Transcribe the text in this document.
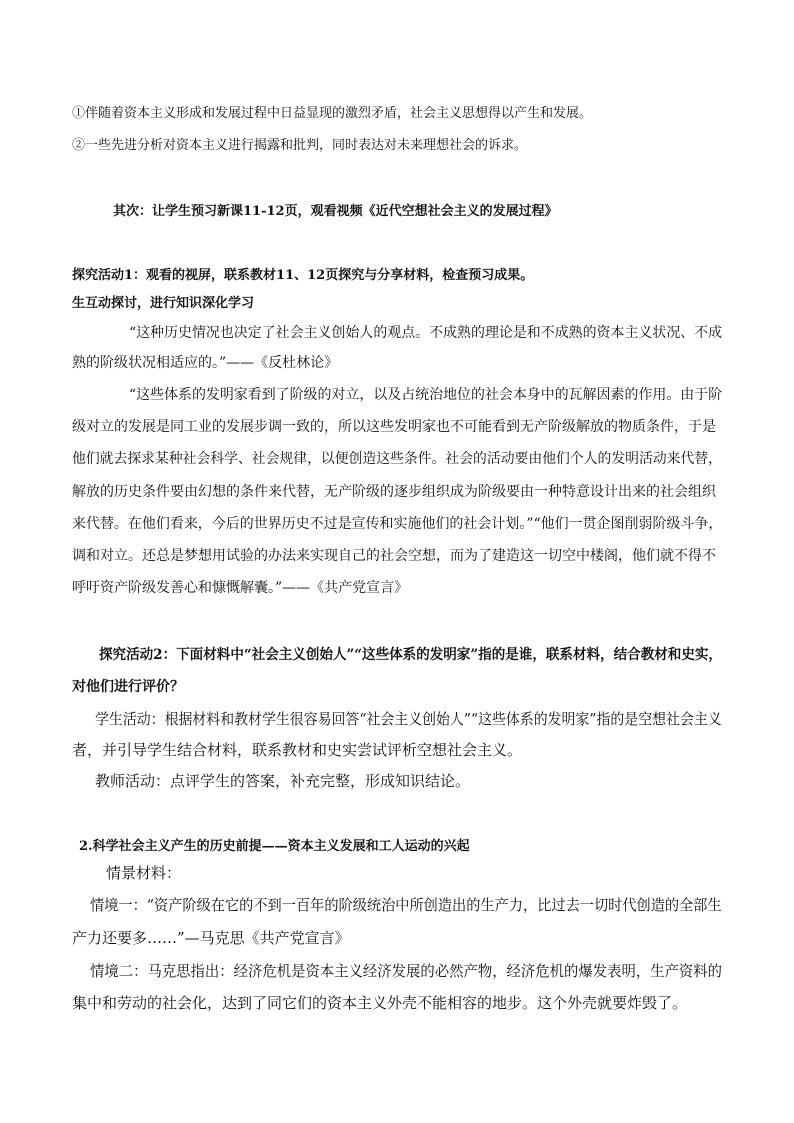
①伴随着资本主义形成和发展过程中日益显现的激烈矛盾，社会主义思想得以产生和发展。
②一些先进分析对资本主义进行揭露和批判，同时表达对未来理想社会的诉求。
其次：让学生预习新课11-12页，观看视频《近代空想社会主义的发展过程》
探究活动1：观看的视屏，联系教材11、12页探究与分享材料，检查预习成果。
生互动探讨，进行知识深化学习
“这种历史情况也决定了社会主义创始人的观点。不成熟的理论是和不成熟的资本主义状况、不成
熟的阶级状况相适应的。”——《反杜林论》
“这些体系的发明家看到了阶级的对立，以及占统治地位的社会本身中的瓦解因素的作用。由于阶
级对立的发展是同工业的发展步调一致的，所以这些发明家也不可能看到无产阶级解放的物质条件，于是
他们就去探求某种社会科学、社会规律，以便创造这些条件。社会的活动要由他们个人的发明活动来代替，
解放的历史条件要由幻想的条件来代替，无产阶级的逐步组织成为阶级要由一种特意设计出来的社会组织
来代替。在他们看来，今后的世界历史不过是宣传和实施他们的社会计划。”“他们一贯企图削弱阶级斗争，
调和对立。还总是梦想用试验的办法来实现自己的社会空想，而为了建造这一切空中楼阁，他们就不得不
呼吁资产阶级发善心和慷慨解囊。”——《共产党宣言》
探究活动2：下面材料中“社会主义创始人”“这些体系的发明家”指的是谁，联系材料，结合教材和史实，
对他们进行评价？
学生活动：根据材料和教材学生很容易回答“社会主义创始人”“这些体系的发明家”指的是空想社会主义
者，并引导学生结合材料，联系教材和史实尝试评析空想社会主义。
教师活动：点评学生的答案，补充完整，形成知识结论。
2.科学社会主义产生的历史前提——资本主义发展和工人运动的兴起
情景材料：
情境一：“资产阶级在它的不到一百年的阶级统治中所创造出的生产力，比过去一切时代创造的全部生
产力还要多……”—马克思《共产党宣言》
情境二：马克思指出：经济危机是资本主义经济发展的必然产物，经济危机的爆发表明，生产资料的
集中和劳动的社会化，达到了同它们的资本主义外壳不能相容的地步。这个外壳就要炸毁了。
